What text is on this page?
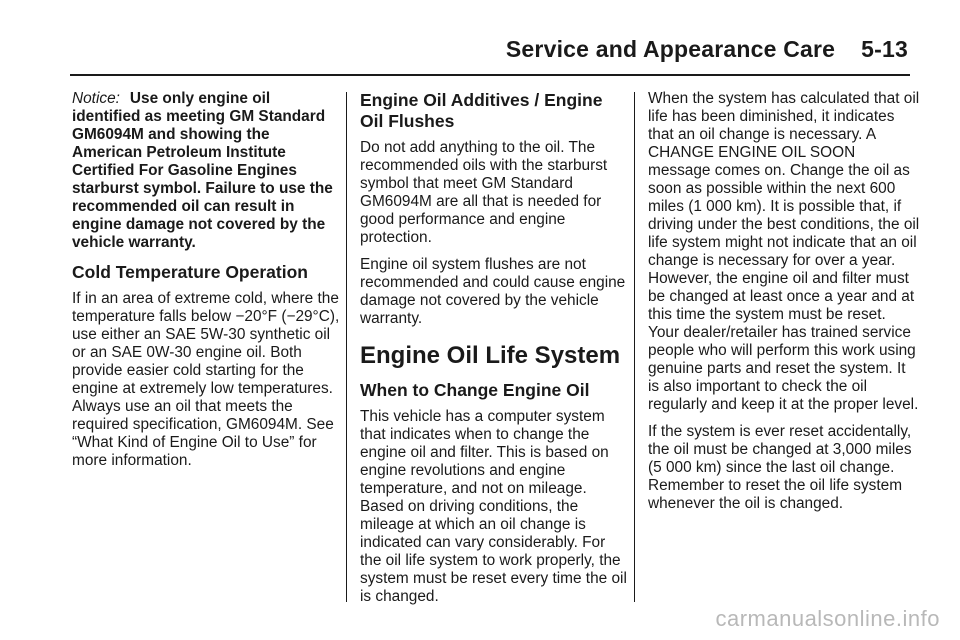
Service and Appearance Care 5-13

Notice: Use only engine oil identified as meeting GM Standard GM6094M and showing the American Petroleum Institute Certified For Gasoline Engines starburst symbol. Failure to use the recommended oil can result in engine damage not covered by the vehicle warranty.

Cold Temperature Operation

If in an area of extreme cold, where the temperature falls below −20°F (−29°C), use either an SAE 5W-30 synthetic oil or an SAE 0W-30 engine oil. Both provide easier cold starting for the engine at extremely low temperatures. Always use an oil that meets the required specification, GM6094M. See “What Kind of Engine Oil to Use” for more information.

Engine Oil Additives / Engine Oil Flushes

Do not add anything to the oil. The recommended oils with the starburst symbol that meet GM Standard GM6094M are all that is needed for good performance and engine protection.

Engine oil system flushes are not recommended and could cause engine damage not covered by the vehicle warranty.

Engine Oil Life System
When to Change Engine Oil

This vehicle has a computer system that indicates when to change the engine oil and filter. This is based on engine revolutions and engine temperature, and not on mileage. Based on driving conditions, the mileage at which an oil change is indicated can vary considerably. For the oil life system to work properly, the system must be reset every time the oil is changed.

When the system has calculated that oil life has been diminished, it indicates that an oil change is necessary. A CHANGE ENGINE OIL SOON message comes on. Change the oil as soon as possible within the next 600 miles (1 000 km). It is possible that, if driving under the best conditions, the oil life system might not indicate that an oil change is necessary for over a year. However, the engine oil and filter must be changed at least once a year and at this time the system must be reset. Your dealer/retailer has trained service people who will perform this work using genuine parts and reset the system. It is also important to check the oil regularly and keep it at the proper level.

If the system is ever reset accidentally, the oil must be changed at 3,000 miles (5 000 km) since the last oil change. Remember to reset the oil life system whenever the oil is changed.

carmanualsonline.info
